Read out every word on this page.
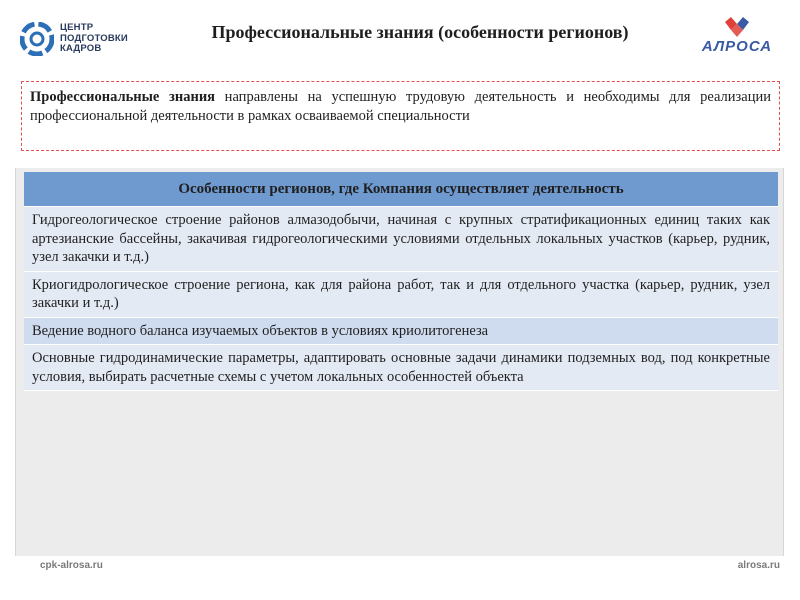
ЦЕНТР
ПОДГОТОВКИ
КАДРОВ
Профессиональные знания (особенности регионов)
АЛРОСА
Профессиональные знания направлены на успешную трудовую деятельность и необходимы для реализации профессиональной деятельности в рамках осваиваемой специальности
Особенности регионов, где Компания осуществляет деятельность
Гидрогеологическое строение районов алмазодобычи, начиная с крупных стратификационных единиц таких как артезианские бассейны, закачивая гидрогеологическими условиями отдельных локальных участков (карьер, рудник, узел закачки и т.д.)
Криогидрологическое строение региона, как для района работ, так и для отдельного участка (карьер, рудник, узел закачки и т.д.)
Ведение водного баланса изучаемых объектов в условиях криолитогенеза
Основные гидродинамические параметры, адаптировать основные задачи динамики подземных вод, под конкретные условия, выбирать расчетные схемы с учетом локальных особенностей объекта
cpk-alrosa.ru	alrosa.ru
